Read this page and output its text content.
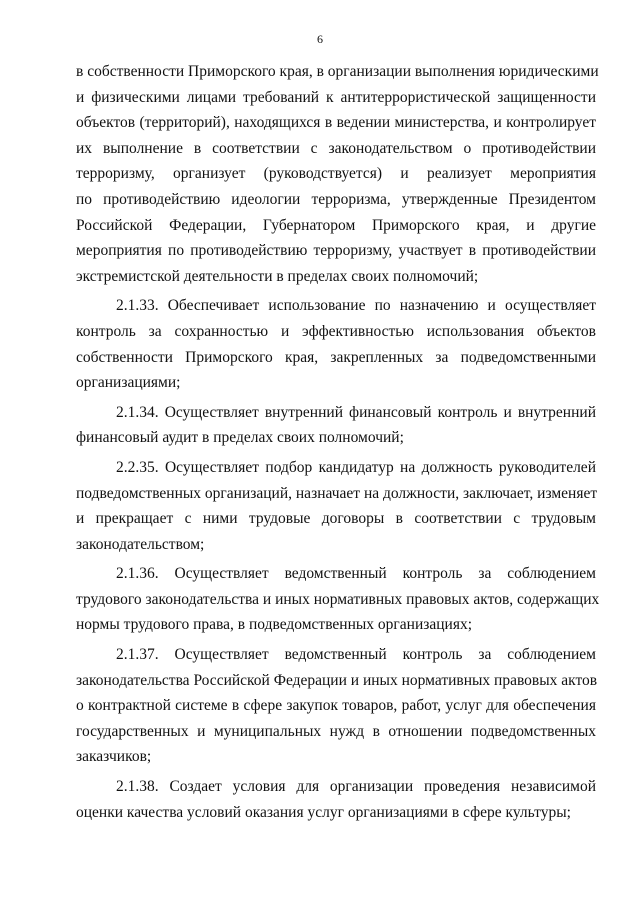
6
в собственности Приморского края, в организации выполнения юридическими
и физическими лицами требований к антитеррористической защищенности
объектов (территорий), находящихся в ведении министерства, и контролирует
их выполнение в соответствии с законодательством о противодействии
терроризму, организует (руководствуется) и реализует мероприятия
по противодействию идеологии терроризма, утвержденные Президентом
Российской Федерации, Губернатором Приморского края, и другие
мероприятия по противодействию терроризму, участвует в противодействии
экстремистской деятельности в пределах своих полномочий;
2.1.33. Обеспечивает использование по назначению и осуществляет
контроль за сохранностью и эффективностью использования объектов
собственности Приморского края, закрепленных за подведомственными
организациями;
2.1.34. Осуществляет внутренний финансовый контроль и внутренний
финансовый аудит в пределах своих полномочий;
2.2.35. Осуществляет подбор кандидатур на должность руководителей
подведомственных организаций, назначает на должности, заключает, изменяет
и прекращает с ними трудовые договоры в соответствии с трудовым
законодательством;
2.1.36. Осуществляет ведомственный контроль за соблюдением
трудового законодательства и иных нормативных правовых актов, содержащих
нормы трудового права, в подведомственных организациях;
2.1.37. Осуществляет ведомственный контроль за соблюдением
законодательства Российской Федерации и иных нормативных правовых актов
о контрактной системе в сфере закупок товаров, работ, услуг для обеспечения
государственных и муниципальных нужд в отношении подведомственных
заказчиков;
2.1.38. Создает условия для организации проведения независимой
оценки качества условий оказания услуг организациями в сфере культуры;
